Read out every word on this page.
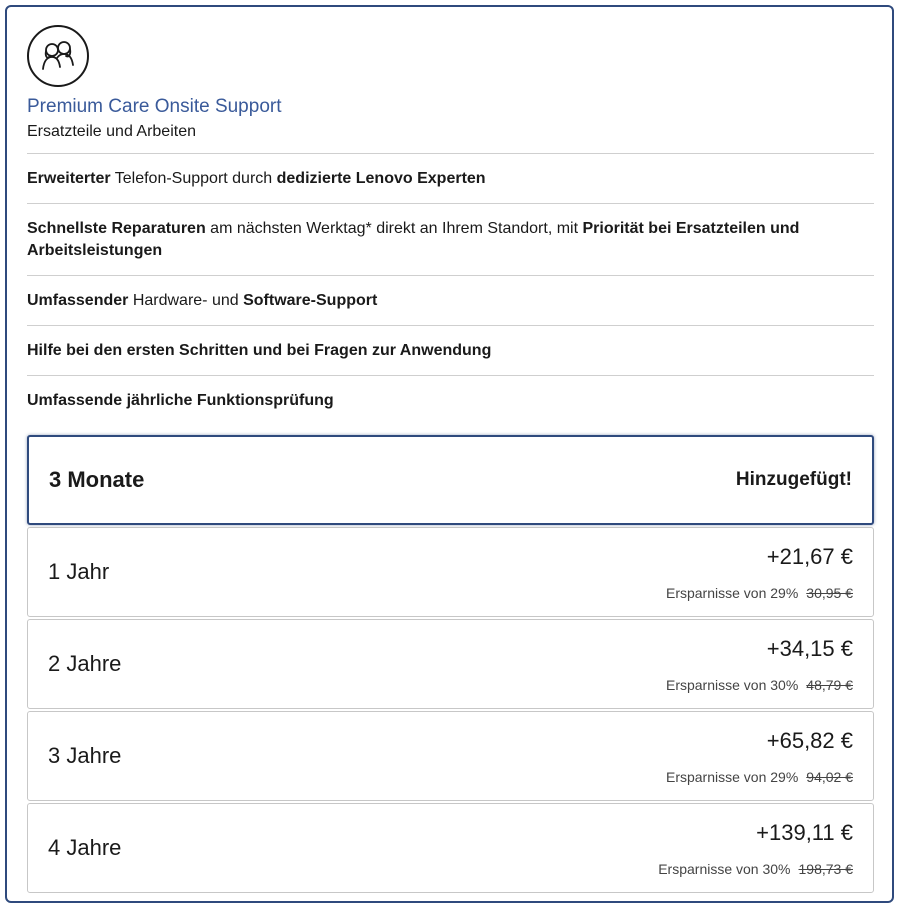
Premium Care Onsite Support
Ersatzteile und Arbeiten
Erweiterter Telefon-Support durch dedizierte Lenovo Experten
Schnellste Reparaturen am nächsten Werktag* direkt an Ihrem Standort, mit Priorität bei Ersatzteilen und Arbeitsleistungen
Umfassender Hardware- und Software-Support
Hilfe bei den ersten Schritten und bei Fragen zur Anwendung
Umfassende jährliche Funktionsprüfung
3 Monate	Hinzugefügt!
1 Jahr
+21,67 €
Ersparnisse von 29% 30,95 €
2 Jahre
+34,15 €
Ersparnisse von 30% 48,79 €
3 Jahre
+65,82 €
Ersparnisse von 29% 94,02 €
4 Jahre
+139,11 €
Ersparnisse von 30% 198,73 €
